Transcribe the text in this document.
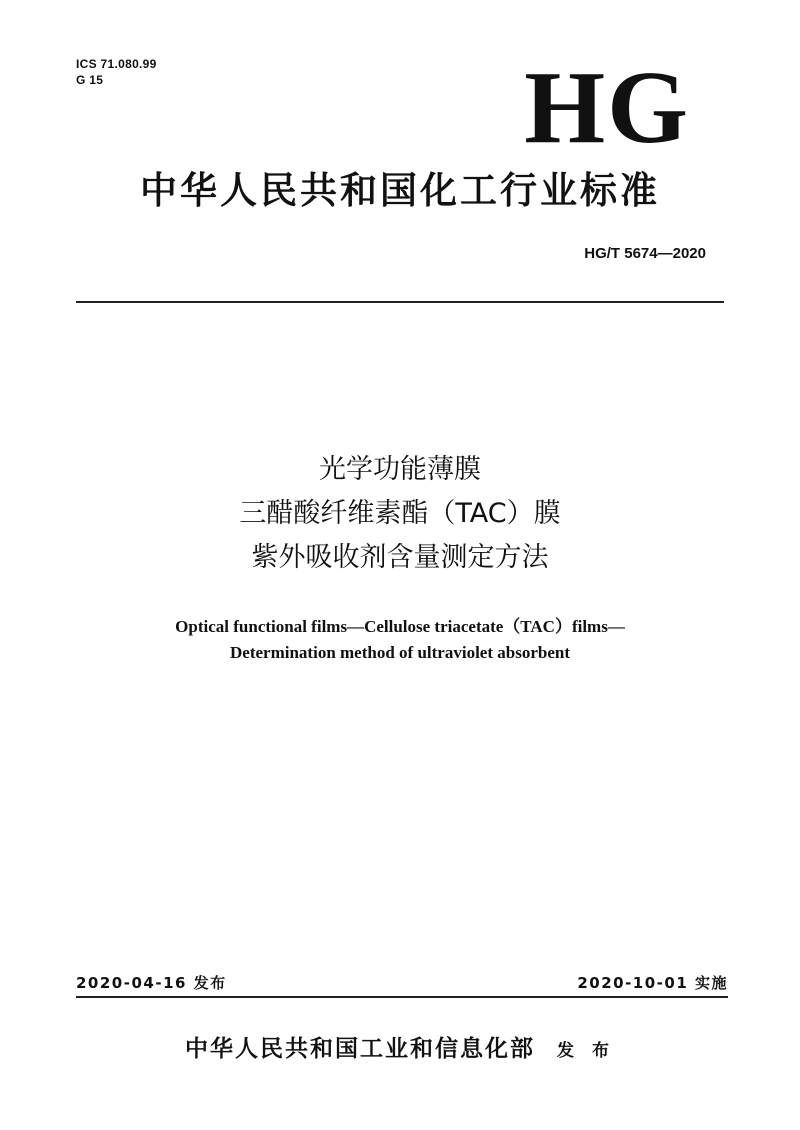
ICS 71.080.99
G 15	HG
中华人民共和国化工行业标准
HG/T 5674—2020
光学功能薄膜
三醋酸纤维素酯（TAC）膜
紫外吸收剂含量测定方法
Optical functional films—Cellulose triacetate（TAC）films—
Determination method of ultraviolet absorbent
2020-04-16 发布	2020-10-01 实施
中华人民共和国工业和信息化部 发 布
